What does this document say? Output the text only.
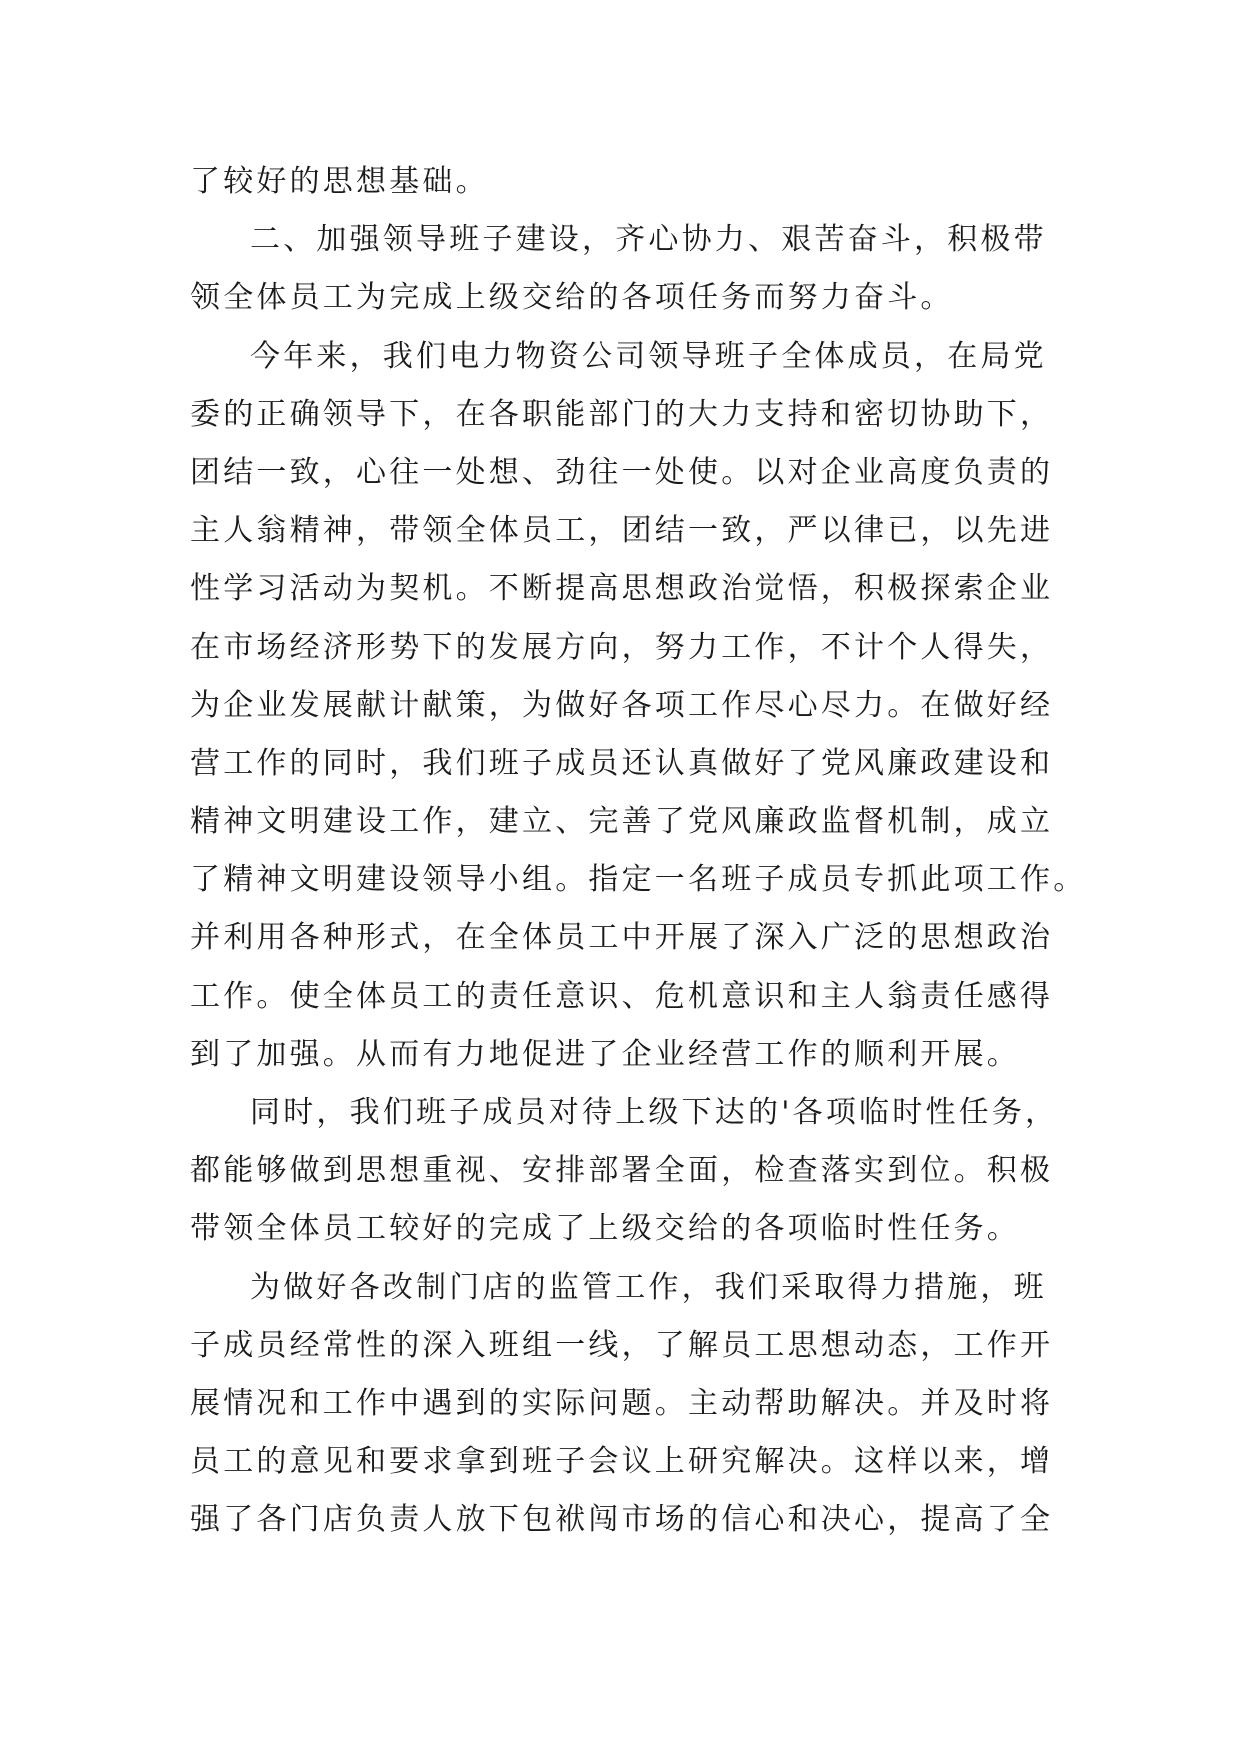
了较好的思想基础。
二、加强领导班子建设，齐心协力、艰苦奋斗，积极带
领全体员工为完成上级交给的各项任务而努力奋斗。
今年来，我们电力物资公司领导班子全体成员，在局党
委的正确领导下，在各职能部门的大力支持和密切协助下，
团结一致，心往一处想、劲往一处使。以对企业高度负责的
主人翁精神，带领全体员工，团结一致，严以律已，以先进
性学习活动为契机。不断提高思想政治觉悟，积极探索企业
在市场经济形势下的发展方向，努力工作，不计个人得失，
为企业发展献计献策，为做好各项工作尽心尽力。在做好经
营工作的同时，我们班子成员还认真做好了党风廉政建设和
精神文明建设工作，建立、完善了党风廉政监督机制，成立
了精神文明建设领导小组。指定一名班子成员专抓此项工作。
并利用各种形式，在全体员工中开展了深入广泛的思想政治
工作。使全体员工的责任意识、危机意识和主人翁责任感得
到了加强。从而有力地促进了企业经营工作的顺利开展。
同时，我们班子成员对待上级下达的'各项临时性任务，
都能够做到思想重视、安排部署全面，检查落实到位。积极
带领全体员工较好的完成了上级交给的各项临时性任务。
为做好各改制门店的监管工作，我们采取得力措施，班
子成员经常性的深入班组一线，了解员工思想动态，工作开
展情况和工作中遇到的实际问题。主动帮助解决。并及时将
员工的意见和要求拿到班子会议上研究解决。这样以来，增
强了各门店负责人放下包袱闯市场的信心和决心，提高了全
